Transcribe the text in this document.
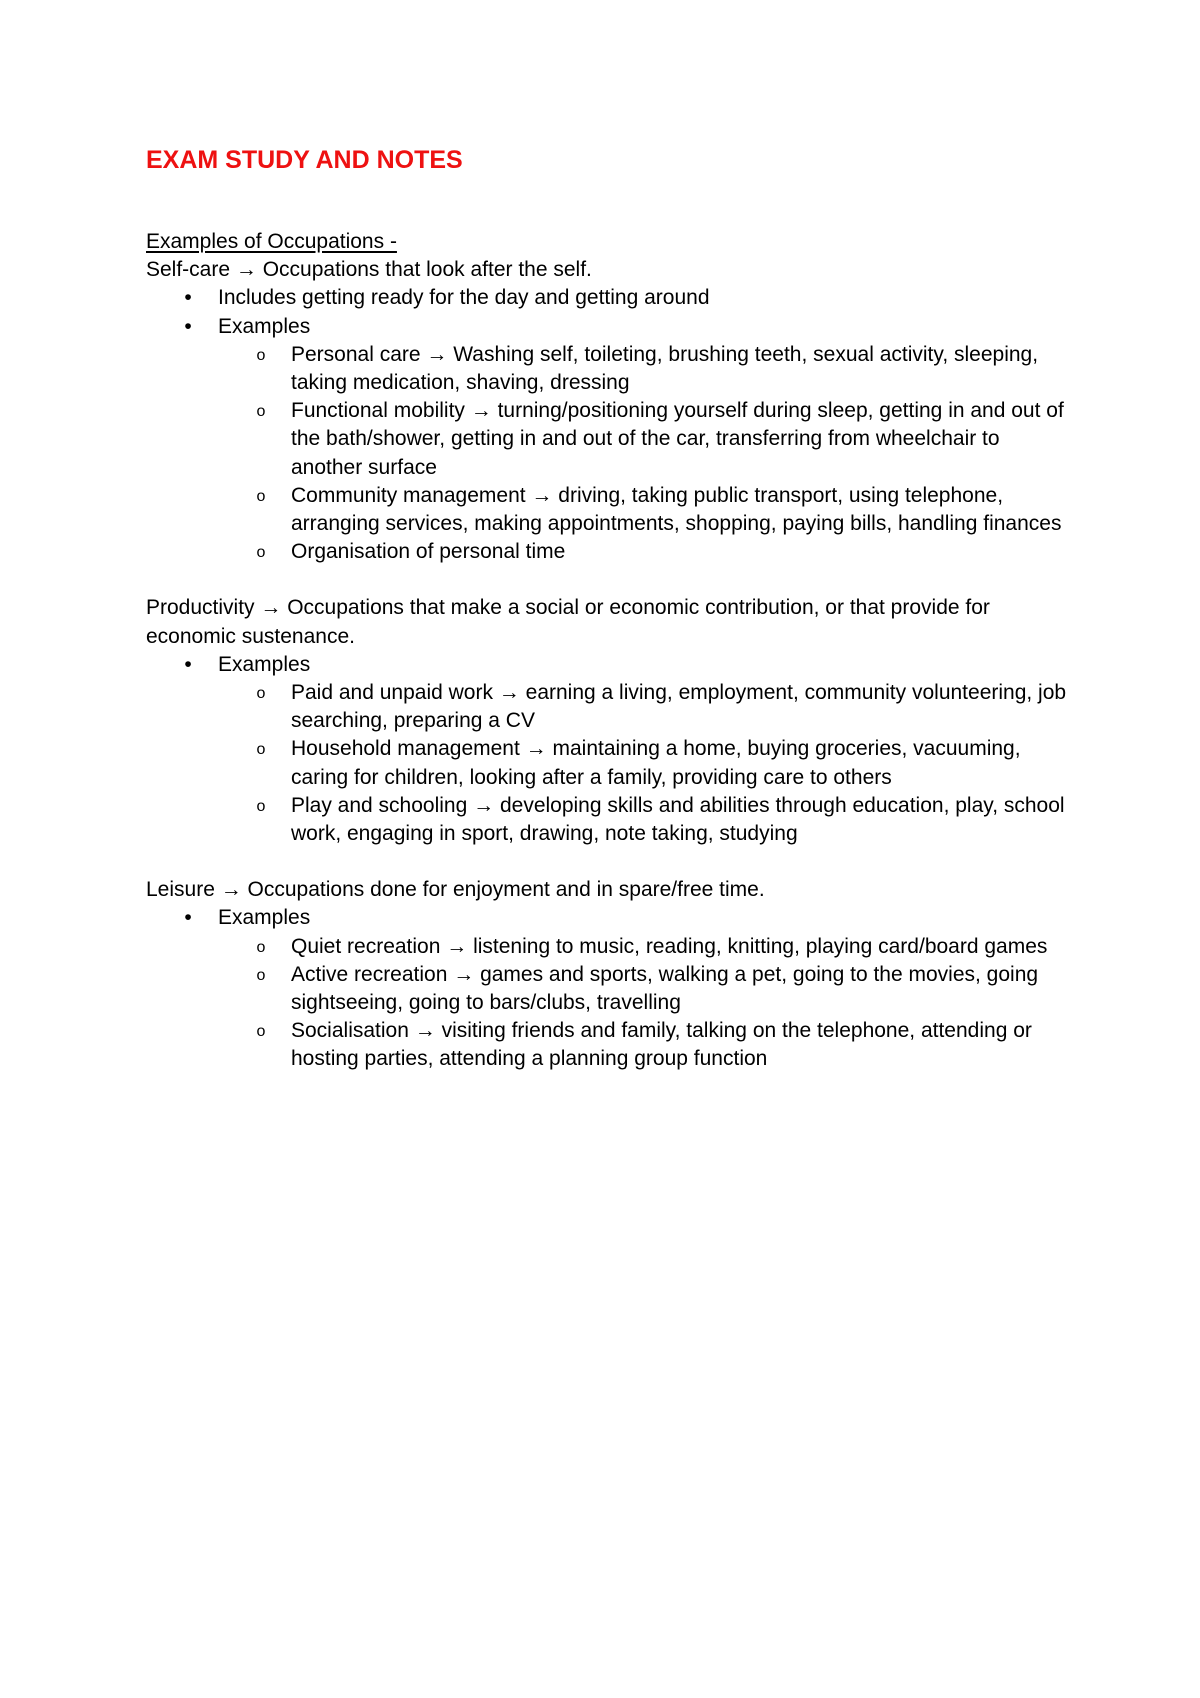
EXAM STUDY AND NOTES
Examples of Occupations -
Self-care → Occupations that look after the self.
• Includes getting ready for the day and getting around
• Examples
o Personal care → Washing self, toileting, brushing teeth, sexual activity, sleeping, taking medication, shaving, dressing
o Functional mobility → turning/positioning yourself during sleep, getting in and out of the bath/shower, getting in and out of the car, transferring from wheelchair to another surface
o Community management → driving, taking public transport, using telephone, arranging services, making appointments, shopping, paying bills, handling finances
o Organisation of personal time
Productivity → Occupations that make a social or economic contribution, or that provide for economic sustenance.
• Examples
o Paid and unpaid work → earning a living, employment, community volunteering, job searching, preparing a CV
o Household management → maintaining a home, buying groceries, vacuuming, caring for children, looking after a family, providing care to others
o Play and schooling → developing skills and abilities through education, play, school work, engaging in sport, drawing, note taking, studying
Leisure → Occupations done for enjoyment and in spare/free time.
• Examples
o Quiet recreation → listening to music, reading, knitting, playing card/board games
o Active recreation → games and sports, walking a pet, going to the movies, going sightseeing, going to bars/clubs, travelling
o Socialisation → visiting friends and family, talking on the telephone, attending or hosting parties, attending a planning group function
